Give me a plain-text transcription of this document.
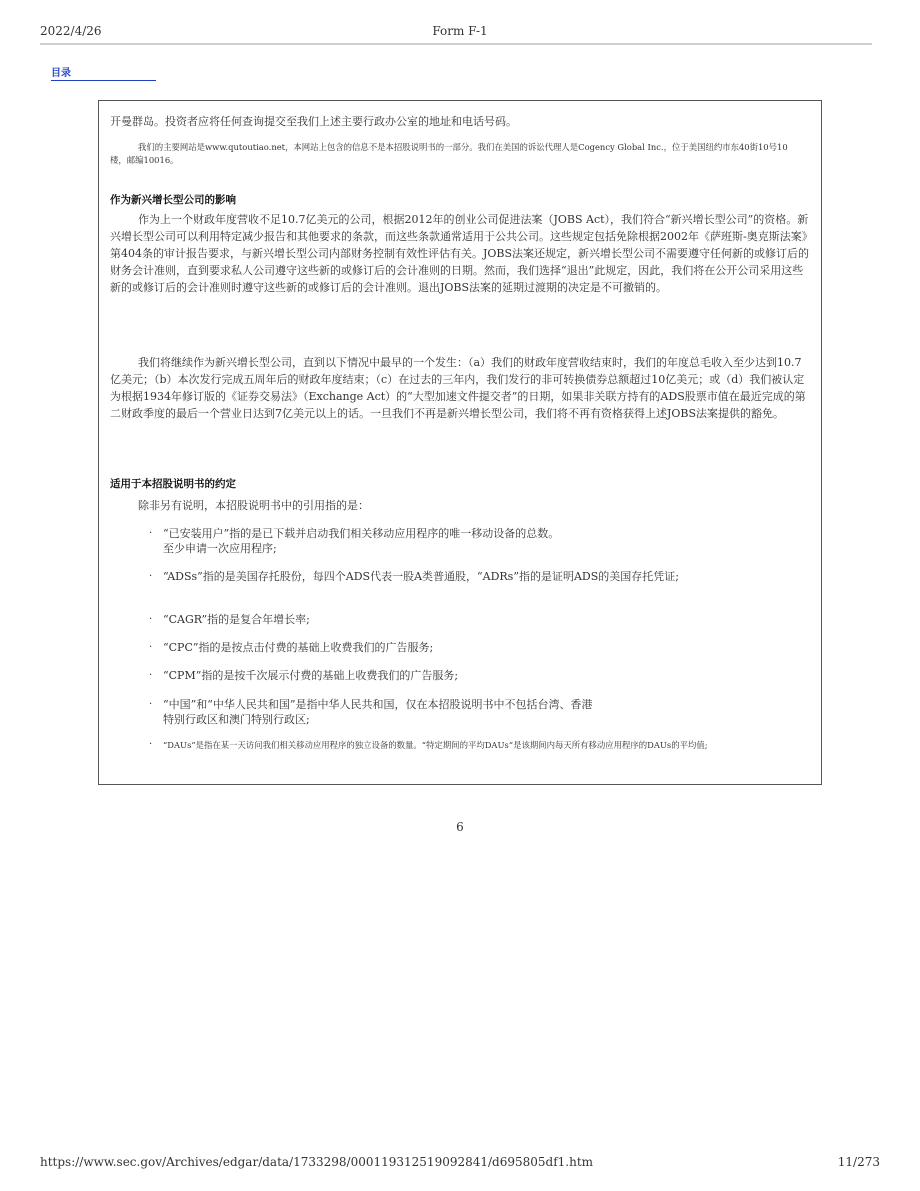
2022/4/26	Form F-1
目录

开曼群岛。投资者应将任何查询提交至我们上述主要行政办公室的地址和电话号码。

我们的主要网站是www.qutoutiao.net，本网站上包含的信息不是本招股说明书的一部分。我们在美国的诉讼代理人是Cogency Global Inc.，位于美国纽约市东40街10号10楼，邮编10016。

作为新兴增长型公司的影响

作为上一个财政年度营收不足10.7亿美元的公司，根据2012年的创业公司促进法案（JOBS Act），我们符合“新兴增长型公司”的资格。新兴增长型公司可以利用特定减少报告和其他要求的条款，而这些条款通常适用于公共公司。这些规定包括免除根据2002年《萨班斯-奥克斯法案》第404条的审计报告要求，与新兴增长型公司内部财务控制有效性评估有关。JOBS法案还规定，新兴增长型公司不需要遵守任何新的或修订后的财务会计准则，直到要求私人公司遵守这些新的或修订后的会计准则的日期。然而，我们选择“退出”此规定，因此，我们将在公开公司采用这些新的或修订后的会计准则时遵守这些新的或修订后的会计准则。退出JOBS法案的延期过渡期的决定是不可撤销的。

我们将继续作为新兴增长型公司，直到以下情况中最早的一个发生：（a）我们的财政年度营收结束时，我们的年度总毛收入至少达到10.7亿美元；（b）本次发行完成五周年后的财政年度结束；（c）在过去的三年内，我们发行的非可转换债券总额超过10亿美元；或（d）我们被认定为根据1934年修订版的《证券交易法》（Exchange Act）的“大型加速文件提交者”的日期，如果非关联方持有的ADS股票市值在最近完成的第二财政季度的最后一个营业日达到7亿美元以上的话。一旦我们不再是新兴增长型公司，我们将不再有资格获得上述JOBS法案提供的豁免。

适用于本招股说明书的约定

除非另有说明，本招股说明书中的引用指的是：

· “已安装用户”指的是已下载并启动我们相关移动应用程序的唯一移动设备的总数。
至少申请一次应用程序;
· “ADSs”指的是美国存托股份，每四个ADS代表一股A类普通股，“ADRs”指的是证明ADS的美国存托凭证;
· “CAGR”指的是复合年增长率;
· “CPC”指的是按点击付费的基础上收费我们的广告服务;
· “CPM”指的是按千次展示付费的基础上收费我们的广告服务;
· “中国”和“中华人民共和国”是指中华人民共和国，仅在本招股说明书中不包括台湾、香港
特别行政区和澳门特别行政区;
· “DAUs”是指在某一天访问我们相关移动应用程序的独立设备的数量。“特定期间的平均DAUs”是该期间内每天所有移动应用程序的DAUs的平均值;
6
https://www.sec.gov/Archives/edgar/data/1733298/000119312519092841/d695805df1.htm	11/273
